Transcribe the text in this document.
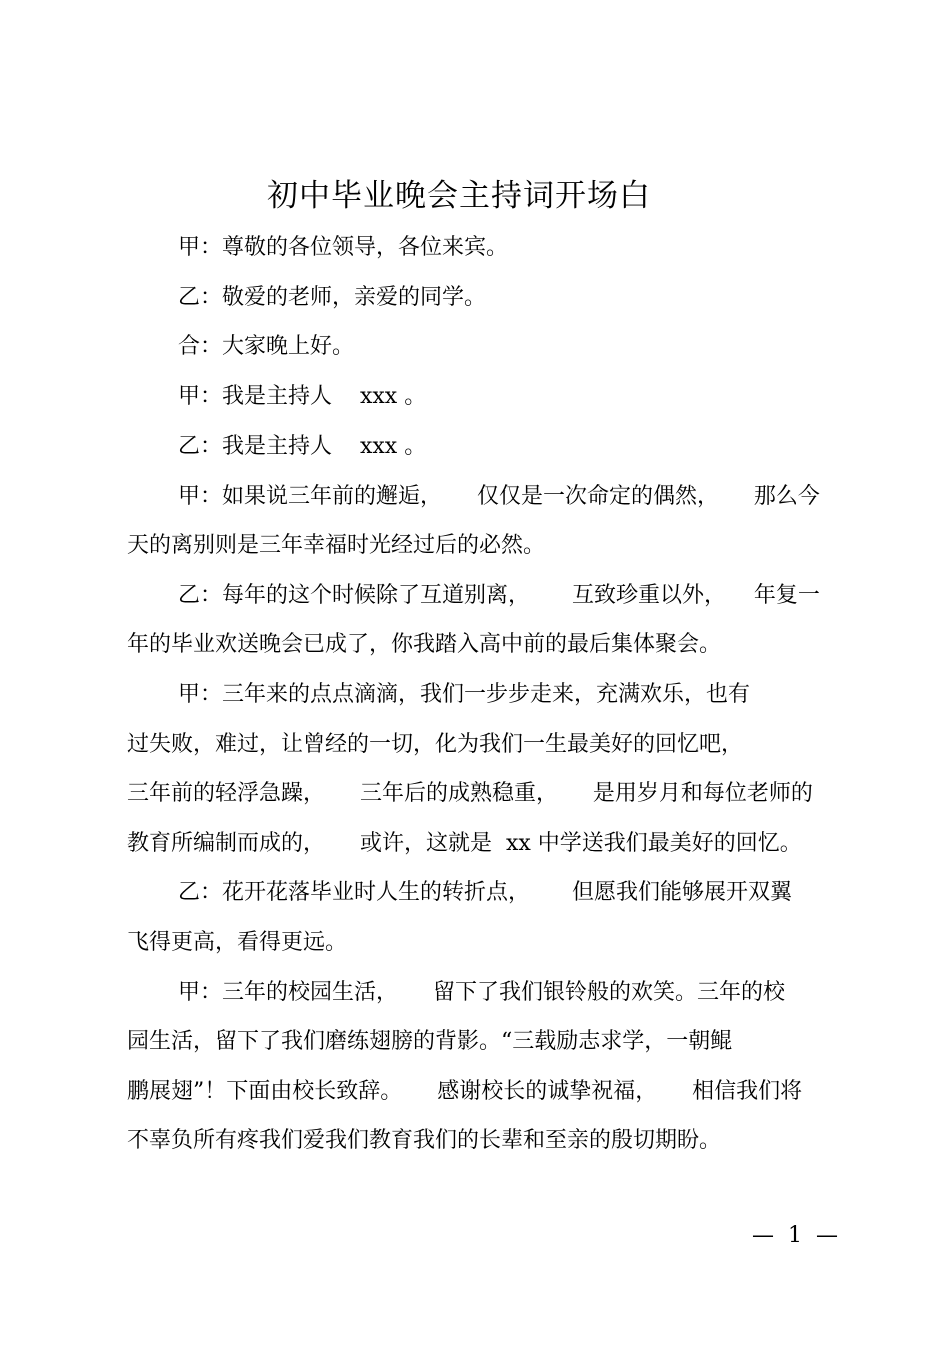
初中毕业晚会主持词开场白
甲：尊敬的各位领导，各位来宾。
乙：敬爱的老师，亲爱的同学。
合：大家晚上好。
甲：我是主持人    xxx 。
乙：我是主持人    xxx 。
甲：如果说三年前的邂逅，     仅仅是一次命定的偶然，     那么今
天的离别则是三年幸福时光经过后的必然。
乙：每年的这个时候除了互道别离，      互致珍重以外，    年复一
年的毕业欢送晚会已成了，你我踏入高中前的最后集体聚会。
甲：三年来的点点滴滴，我们一步步走来，充满欢乐，也有
过失败，难过，让曾经的一切，化为我们一生最美好的回忆吧，
三年前的轻浮急躁，     三年后的成熟稳重，     是用岁月和每位老师的
教育所编制而成的，     或许，这就是  xx 中学送我们最美好的回忆。
乙：花开花落毕业时人生的转折点，      但愿我们能够展开双翼
飞得更高，看得更远。
甲：三年的校园生活，     留下了我们银铃般的欢笑。三年的校
园生活，留下了我们磨练翅膀的背影。“三载励志求学，一朝鲲
鹏展翅”！下面由校长致辞。     感谢校长的诚挚祝福，     相信我们将
不辜负所有疼我们爱我们教育我们的长辈和至亲的殷切期盼。
—  1  —
